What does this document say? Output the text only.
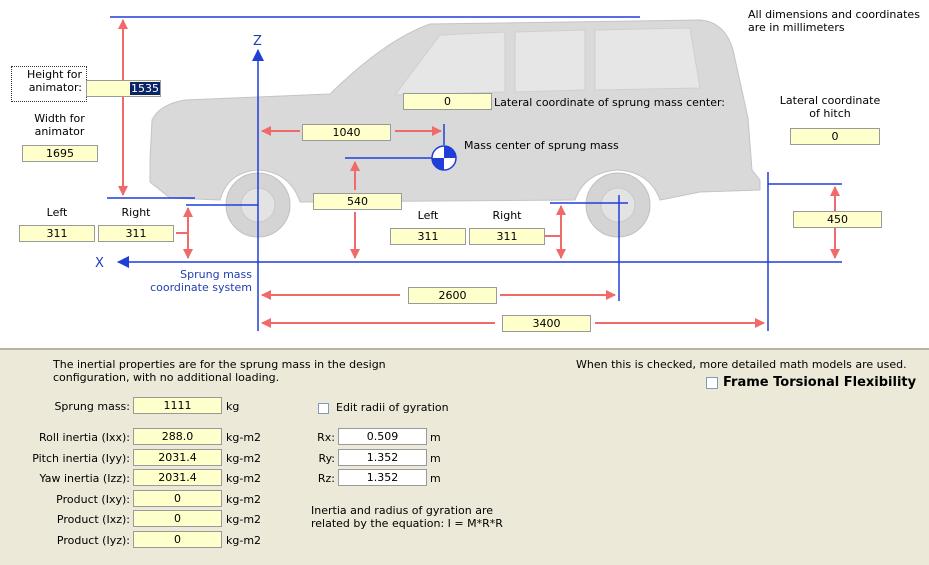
Z
X
Sprung mass coordinate system
All dimensions and coordinates are in millimeters
Height for animator:	1535
Width for animator
1695
0	Lateral coordinate of sprung mass center:
1040
Mass center of sprung mass
540
Lateral coordinate of hitch
0
450
Left	Right
311	311
Left	Right
311	311
2600
3400
The inertial properties are for the sprung mass in the design configuration, with no additional loading.
Sprung mass:	1111	kg
Roll inertia (Ixx):	288.0	kg-m2
Pitch inertia (Iyy):	2031.4	kg-m2
Yaw inertia (Izz):	2031.4	kg-m2
Product (Ixy):	0	kg-m2
Product (Ixz):	0	kg-m2
Product (Iyz):	0	kg-m2
Edit radii of gyration
Rx:	0.509	m
Ry:	1.352	m
Rz:	1.352	m
Inertia and radius of gyration are related by the equation: I = M*R*R
When this is checked, more detailed math models are used.
Frame Torsional Flexibility
